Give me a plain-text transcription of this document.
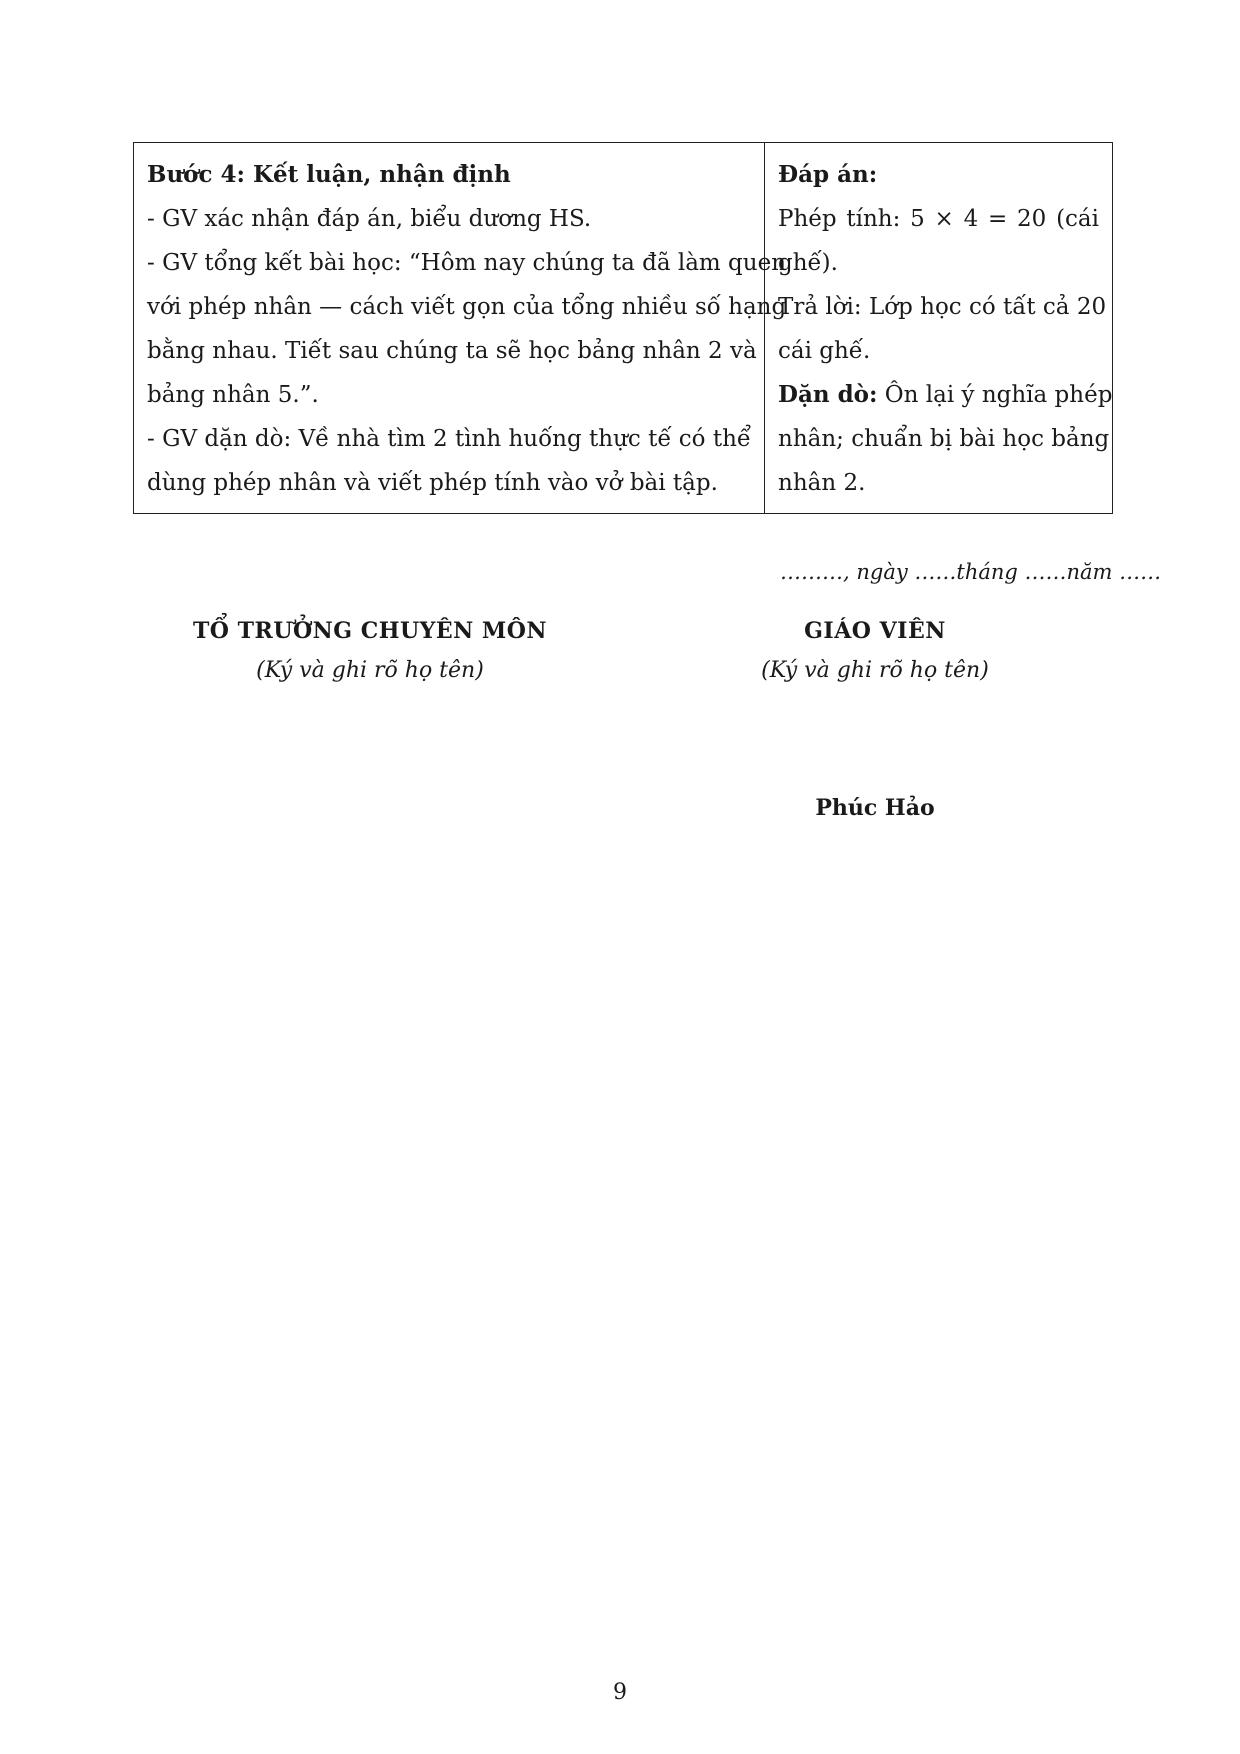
Bước 4: Kết luận, nhận định
- GV xác nhận đáp án, biểu dương HS.
- GV tổng kết bài học: “Hôm nay chúng ta đã làm quen
với phép nhân — cách viết gọn của tổng nhiều số hạng
bằng nhau. Tiết sau chúng ta sẽ học bảng nhân 2 và
bảng nhân 5.”.
- GV dặn dò: Về nhà tìm 2 tình huống thực tế có thể
dùng phép nhân và viết phép tính vào vở bài tập.

Đáp án:
Phép tính: 5 × 4 = 20 (cái
ghế).
Trả lời: Lớp học có tất cả 20
cái ghế.
Dặn dò: Ôn lại ý nghĩa phép
nhân; chuẩn bị bài học bảng
nhân 2.
………, ngày ……tháng ……năm ……
TỔ TRƯỞNG CHUYÊN MÔN
(Ký và ghi rõ họ tên)
GIÁO VIÊN
(Ký và ghi rõ họ tên)
Phúc Hảo
9
